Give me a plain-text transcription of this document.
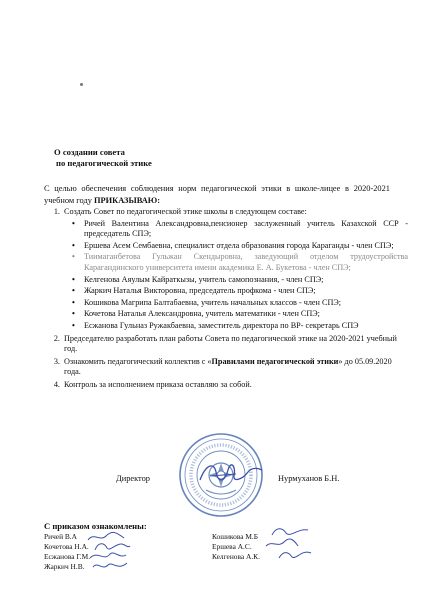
О создании совета
по педагогической этике
С целью обеспечения соблюдения норм педагогической этики в школе-лицее в 2020-2021 учебном году ПРИКАЗЫВАЮ:
1. Создать Совет по педагогической этике школы в следующем составе:
• Ричей Валентина Александровна,пенсионер заслуженный учитель Казахской ССР - председатель СПЭ;
• Ершева Асем Сембаевна, специалист отдела образования города Караганды - член СПЭ;
• Тиимаганбетова Гульжан Скендыровна, заведующий отделом трудоустройства Карагандинского университета имени академика Е. А. Букетова - член СПЭ;
• Келгенова Аяулым Кайраткызы, учитель самопознания, - член СПЭ;
• Жаркич Наталья Викторовна, председатель профкома - член СПЭ;
• Кошикова Магрипа Балтабаевна, учитель начальных классов - член СПЭ;
• Кочетова Наталья Александровна, учитель математики - член СПЭ;
• Есжанова Гульназ Ружакбаевна, заместитель директора по ВР- секретарь СПЭ
2. Председателю разработать план работы Совета по педагогической этике на 2020-2021 учебный год.
3. Ознакомить педагогический коллектив с «Правилами педагогической этики» до 05.09.2020 года.
4. Контроль за исполнением приказа оставляю за собой.
Директор	Нурмуханов Б.Н.
С приказом ознакомлены:
Ричей В.А
Кочетова Н.А.
Есжанова Г.М.
Жаркич Н.В.
Кошикова М.Б
Ершева А.С.
Келгенова А.К.
